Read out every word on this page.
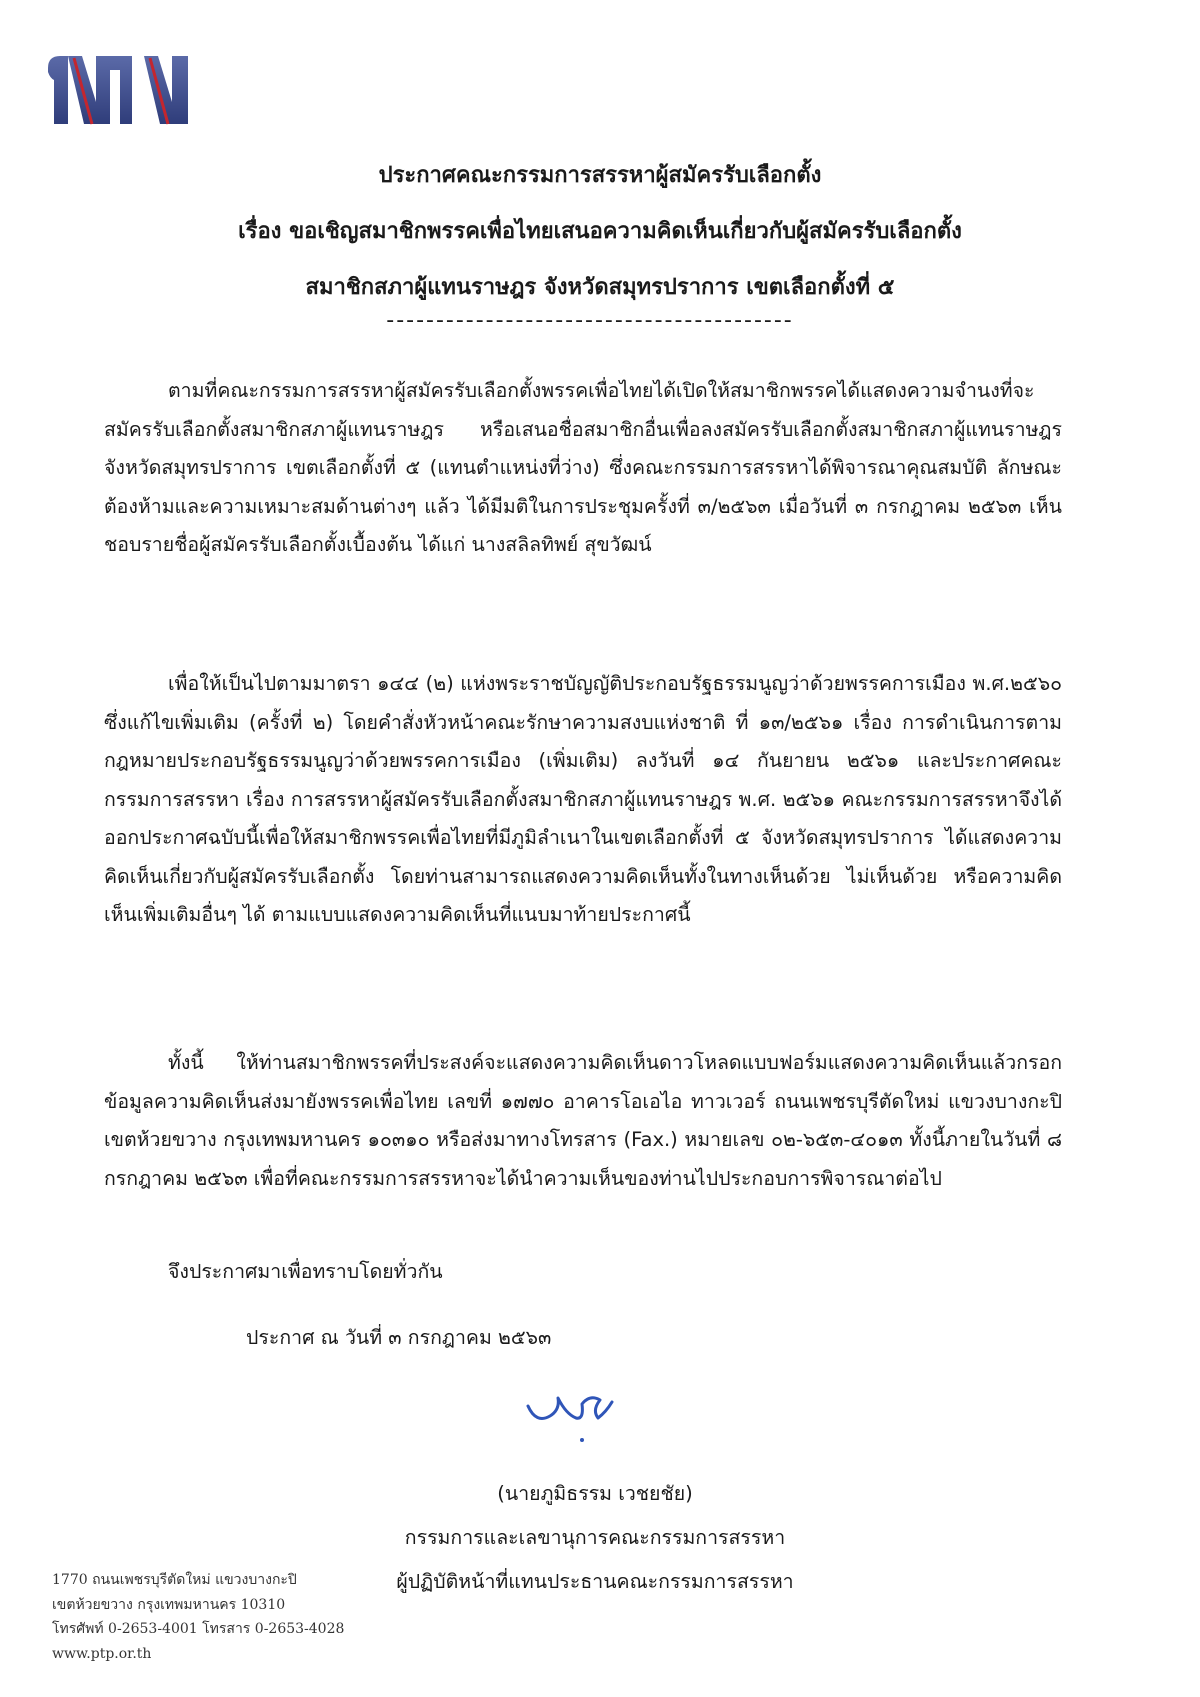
ประกาศคณะกรรมการสรรหาผู้สมัครรับเลือกตั้ง
เรื่อง ขอเชิญสมาชิกพรรคเพื่อไทยเสนอความคิดเห็นเกี่ยวกับผู้สมัครรับเลือกตั้ง
สมาชิกสภาผู้แทนราษฎร จังหวัดสมุทรปราการ เขตเลือกตั้งที่ ๕
-----------------------------------------

ตามที่คณะกรรมการสรรหาผู้สมัครรับเลือกตั้งพรรคเพื่อไทยได้เปิดให้สมาชิกพรรคได้แสดงความจำนงที่จะสมัครรับเลือกตั้งสมาชิกสภาผู้แทนราษฎร หรือเสนอชื่อสมาชิกอื่นเพื่อลงสมัครรับเลือกตั้งสมาชิกสภาผู้แทนราษฎร จังหวัดสมุทรปราการ เขตเลือกตั้งที่ ๕ (แทนตำแหน่งที่ว่าง) ซึ่งคณะกรรมการสรรหาได้พิจารณาคุณสมบัติ ลักษณะต้องห้ามและความเหมาะสมด้านต่างๆ แล้ว ได้มีมติในการประชุมครั้งที่ ๓/๒๕๖๓ เมื่อวันที่ ๓ กรกฎาคม ๒๕๖๓ เห็นชอบรายชื่อผู้สมัครรับเลือกตั้งเบื้องต้น ได้แก่ นางสลิลทิพย์ สุขวัฒน์

เพื่อให้เป็นไปตามมาตรา ๑๔๔ (๒) แห่งพระราชบัญญัติประกอบรัฐธรรมนูญว่าด้วยพรรคการเมือง พ.ศ.๒๕๖๐ ซึ่งแก้ไขเพิ่มเติม (ครั้งที่ ๒) โดยคำสั่งหัวหน้าคณะรักษาความสงบแห่งชาติ ที่ ๑๓/๒๕๖๑ เรื่อง การดำเนินการตามกฎหมายประกอบรัฐธรรมนูญว่าด้วยพรรคการเมือง (เพิ่มเติม) ลงวันที่ ๑๔ กันยายน ๒๕๖๑ และประกาศคณะกรรมการสรรหา เรื่อง การสรรหาผู้สมัครรับเลือกตั้งสมาชิกสภาผู้แทนราษฎร พ.ศ. ๒๕๖๑ คณะกรรมการสรรหาจึงได้ออกประกาศฉบับนี้เพื่อให้สมาชิกพรรคเพื่อไทยที่มีภูมิลำเนาในเขตเลือกตั้งที่ ๕ จังหวัดสมุทรปราการ ได้แสดงความคิดเห็นเกี่ยวกับผู้สมัครรับเลือกตั้ง โดยท่านสามารถแสดงความคิดเห็นทั้งในทางเห็นด้วย ไม่เห็นด้วย หรือความคิดเห็นเพิ่มเติมอื่นๆ ได้ ตามแบบแสดงความคิดเห็นที่แนบมาท้ายประกาศนี้

ทั้งนี้ ให้ท่านสมาชิกพรรคที่ประสงค์จะแสดงความคิดเห็นดาวโหลดแบบฟอร์มแสดงความคิดเห็นแล้วกรอกข้อมูลความคิดเห็นส่งมายังพรรคเพื่อไทย เลขที่ ๑๗๗๐ อาคารโอเอไอ ทาวเวอร์ ถนนเพชรบุรีตัดใหม่ แขวงบางกะปิ เขตห้วยขวาง กรุงเทพมหานคร ๑๐๓๑๐ หรือส่งมาทางโทรสาร (Fax.) หมายเลข ๐๒-๖๕๓-๔๐๑๓ ทั้งนี้ภายในวันที่ ๘ กรกฎาคม ๒๕๖๓ เพื่อที่คณะกรรมการสรรหาจะได้นำความเห็นของท่านไปประกอบการพิจารณาต่อไป

จึงประกาศมาเพื่อทราบโดยทั่วกัน
ประกาศ ณ วันที่ ๓ กรกฎาคม ๒๕๖๓
(นายภูมิธรรม เวชยชัย)
กรรมการและเลขานุการคณะกรรมการสรรหา
ผู้ปฏิบัติหน้าที่แทนประธานคณะกรรมการสรรหา
1770 ถนนเพชรบุรีตัดใหม่ แขวงบางกะปิ
เขตห้วยขวาง กรุงเทพมหานคร 10310
โทรศัพท์ 0-2653-4001 โทรสาร 0-2653-4028
www.ptp.or.th
